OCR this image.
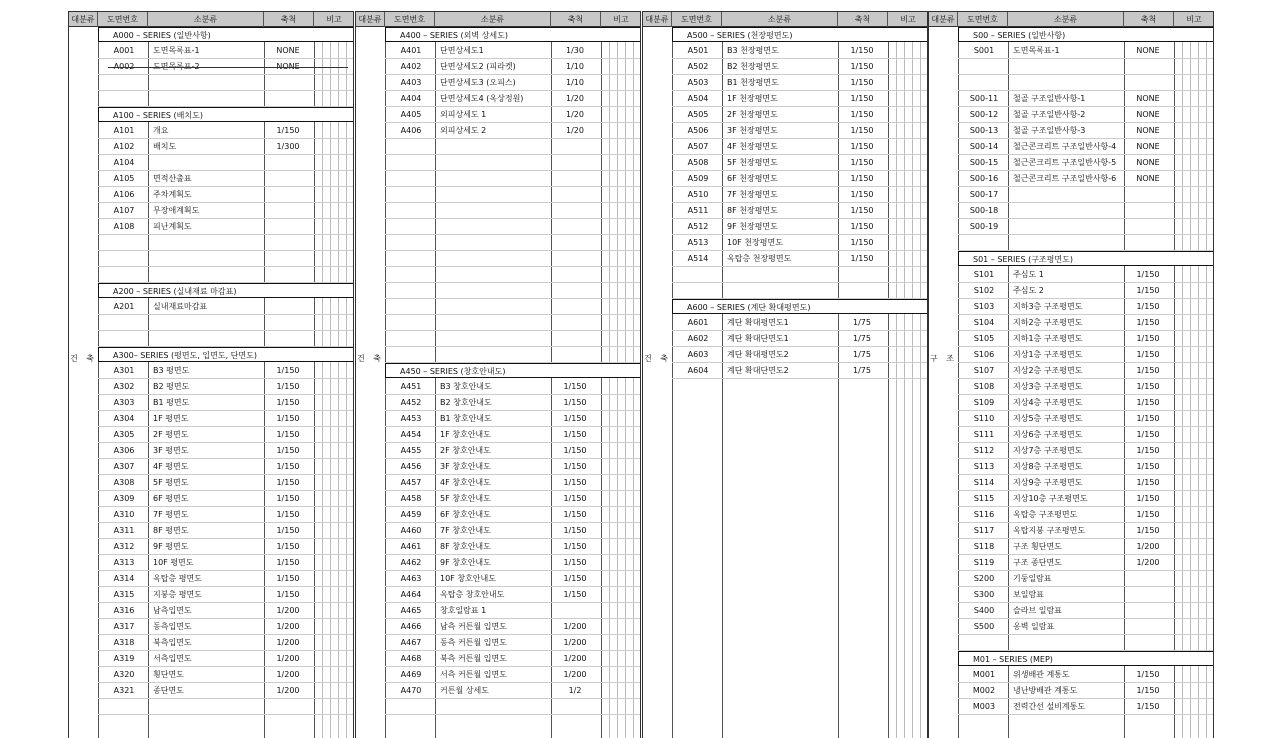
대분류	도면번호	소분류	축척	비고
A000 – SERIES (일반사항)
A001	도면목록표-1	NONE
A002	도면목록표-2	NONE
A100 – SERIES (배치도)
A101	개요	1/150
A102	배치도	1/300
A104
A105	면적산출표
A106	주차계획도
A107	무장애계획도
A108	피난계획도
A200 – SERIES (실내재료 마감표)
A201	실내재료마감표
A300– SERIES (평면도, 입면도, 단면도)
A301	B3 평면도	1/150
A302	B2 평면도	1/150
A303	B1 평면도	1/150
A304	1F 평면도	1/150
A305	2F 평면도	1/150
A306	3F 평면도	1/150
A307	4F 평면도	1/150
A308	5F 평면도	1/150
A309	6F 평면도	1/150
A310	7F 평면도	1/150
A311	8F 평면도	1/150
A312	9F 평면도	1/150
A313	10F 평면도	1/150
A314	옥탑층 평면도	1/150
A315	지붕층 평면도	1/150
A316	남측입면도	1/200
A317	동측입면도	1/200
A318	북측입면도	1/200
A319	서측입면도	1/200
A320	횡단면도	1/200
A321	종단면도	1/200
건 축
대분류	도면번호	소분류	축척	비고
A400 – SERIES (외벽 상세도)
A401	단면상세도1	1/30
A402	단면상세도2 (피라켓)	1/10
A403	단면상세도3 (오피스)	1/10
A404	단면상세도4 (옥상정원)	1/20
A405	외피상세도 1	1/20
A406	외피상세도 2	1/20
A450 – SERIES (창호안내도)
A451	B3 창호안내도	1/150
A452	B2 창호안내도	1/150
A453	B1 창호안내도	1/150
A454	1F 창호안내도	1/150
A455	2F 창호안내도	1/150
A456	3F 창호안내도	1/150
A457	4F 창호안내도	1/150
A458	5F 창호안내도	1/150
A459	6F 창호안내도	1/150
A460	7F 창호안내도	1/150
A461	8F 창호안내도	1/150
A462	9F 창호안내도	1/150
A463	10F 창호안내도	1/150
A464	옥탑층 창호안내도	1/150
A465	창호일람표 1
A466	남측 커튼월 입면도	1/200
A467	동측 커튼월 입면도	1/200
A468	북측 커튼월 입면도	1/200
A469	서측 커튼월 입면도	1/200
A470	커튼월 상세도	1/2
건 축
대분류	도면번호	소분류	축척	비고
A500 – SERIES (천장평면도)
A501	B3 천장평면도	1/150
A502	B2 천장평면도	1/150
A503	B1 천장평면도	1/150
A504	1F 천장평면도	1/150
A505	2F 천장평면도	1/150
A506	3F 천장평면도	1/150
A507	4F 천장평면도	1/150
A508	5F 천장평면도	1/150
A509	6F 천장평면도	1/150
A510	7F 천장평면도	1/150
A511	8F 천장평면도	1/150
A512	9F 천장평면도	1/150
A513	10F 천장평면도	1/150
A514	옥탑층 천장평면도	1/150
A600 – SERIES (계단 확대평면도)
A601	계단 확대평면도1	1/75
A602	계단 확대단면도1	1/75
A603	계단 확대평면도2	1/75
A604	계단 확대단면도2	1/75
건 축
대분류	도면번호	소분류	축척	비고
S00 – SERIES (일반사항)
S001	도면목록표-1	NONE
S00-11	철골 구조일반사항-1	NONE
S00-12	철골 구조일반사항-2	NONE
S00-13	철골 구조일반사항-3	NONE
S00-14	철근콘크리트 구조일반사항-4	NONE
S00-15	철근콘크리트 구조일반사항-5	NONE
S00-16	철근콘크리트 구조일반사항-6	NONE
S00-17
S00-18
S00-19
S01 – SERIES (구조평면도)
S101	주심도 1	1/150
S102	주심도 2	1/150
S103	지하3층 구조평면도	1/150
S104	지하2층 구조평면도	1/150
S105	지하1층 구조평면도	1/150
S106	지상1층 구조평면도	1/150
S107	지상2층 구조평면도	1/150
S108	지상3층 구조평면도	1/150
S109	지상4층 구조평면도	1/150
S110	지상5층 구조평면도	1/150
S111	지상6층 구조평면도	1/150
S112	지상7층 구조평면도	1/150
S113	지상8층 구조평면도	1/150
S114	지상9층 구조평면도	1/150
S115	지상10층 구조평면도	1/150
S116	옥탑층 구조평면도	1/150
S117	옥탑지붕 구조평면도	1/150
S118	구조 횡단면도	1/200
S119	구조 종단면도	1/200
S200	기둥일람표
S300	보일람표
S400	슬라브 일람표
S500	옹벽 일람표
M01 – SERIES (MEP)
M001	위생배관 계통도	1/150
M002	냉난방배관 계통도	1/150
M003	전력간선 설비계통도	1/150
구 조
